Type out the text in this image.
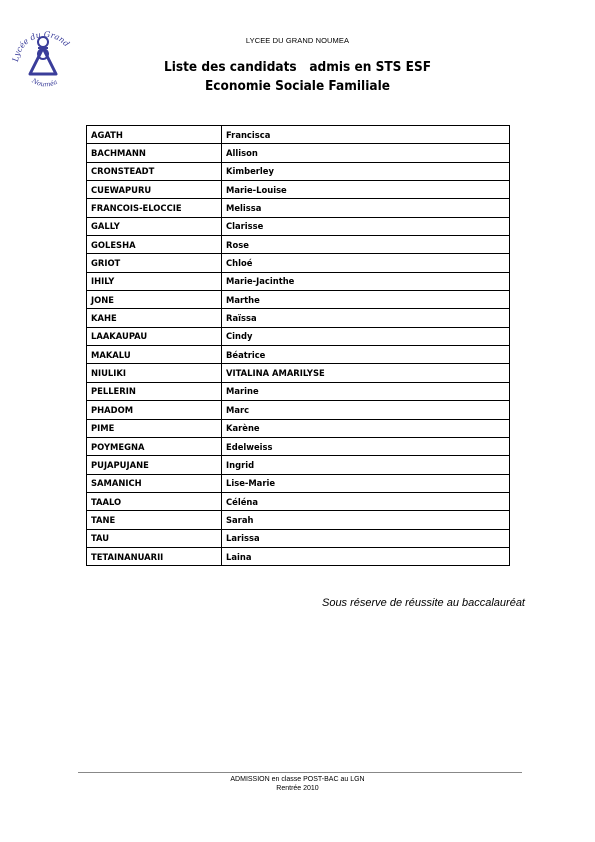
Lycée du Grand
Nouméa
LYCEE DU GRAND NOUMEA
Liste des candidats   admis en STS ESF
Economie Sociale Familiale
AGATH	Francisca
BACHMANN	Allison
CRONSTEADT	Kimberley
CUEWAPURU	Marie-Louise
FRANCOIS-ELOCCIE	Melissa
GALLY	Clarisse
GOLESHA	Rose
GRIOT	Chloé
IHILY	Marie-Jacinthe
JONE	Marthe
KAHE	Raïssa
LAAKAUPAU	Cindy
MAKALU	Béatrice
NIULIKI	VITALINA AMARILYSE
PELLERIN	Marine
PHADOM	Marc
PIME	Karène
POYMEGNA	Edelweiss
PUJAPUJANE	Ingrid
SAMANICH	Lise-Marie
TAALO	Céléna
TANE	Sarah
TAU	Larissa
TETAINANUARII	Laina
Sous réserve de réussite au baccalauréat
ADMISSION en classe POST-BAC au LGN
Rentrée 2010
